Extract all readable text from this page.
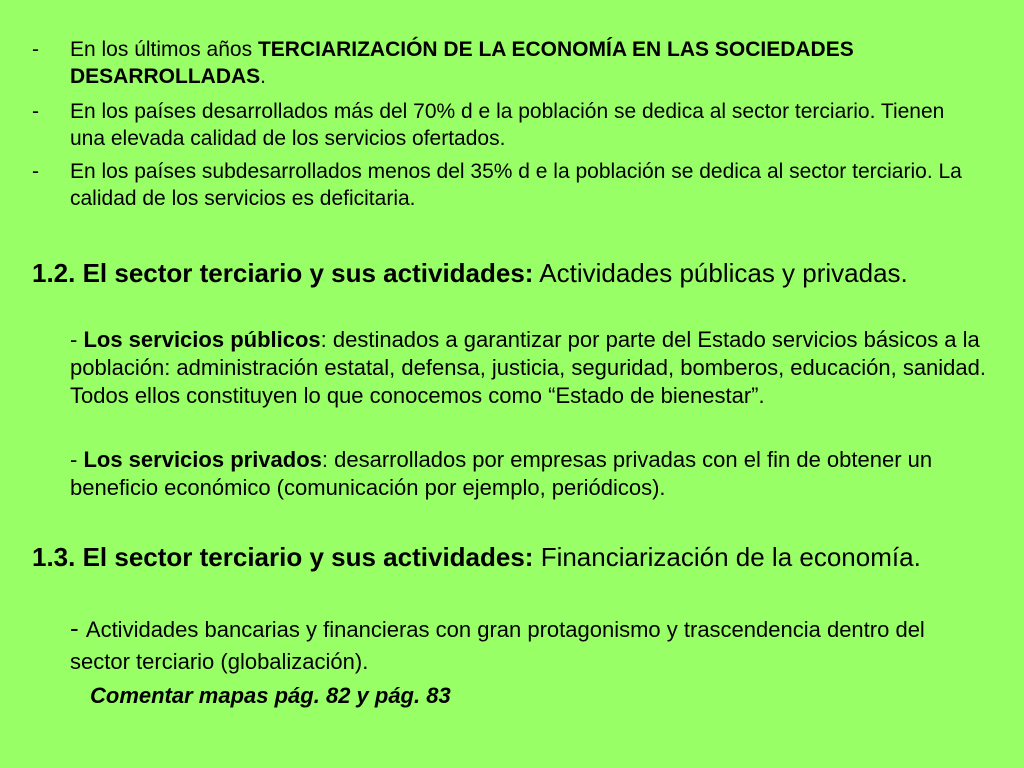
- En los últimos años TERCIARIZACIÓN DE LA ECONOMÍA EN LAS SOCIEDADES DESARROLLADAS.
- En los países desarrollados más del 70% d e la población se dedica al sector terciario. Tienen una elevada calidad de los servicios ofertados.
- En los países subdesarrollados menos del 35% d e la población se dedica al sector terciario. La calidad de los servicios es deficitaria.
1.2. El sector terciario y sus actividades: Actividades públicas y privadas.
- Los servicios públicos: destinados a garantizar por parte del Estado servicios básicos a la población: administración estatal, defensa, justicia, seguridad, bomberos, educación, sanidad. Todos ellos constituyen lo que conocemos como “Estado de bienestar”.
- Los servicios privados: desarrollados por empresas privadas con el fin de obtener un beneficio económico (comunicación por ejemplo, periódicos).
1.3. El sector terciario y sus actividades: Financiarización de la economía.
- Actividades bancarias y financieras con gran protagonismo y trascendencia dentro del sector terciario (globalización).
Comentar mapas pág. 82 y pág. 83
